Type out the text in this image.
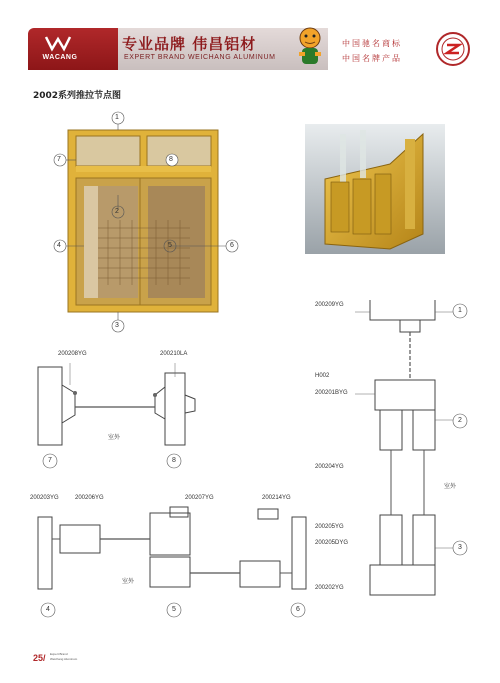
WACANG
专业品牌 伟昌铝材
EXPERT BRAND WEICHANG ALUMINUM
中国驰名商标
中国名牌产品
2002系列推拉节点图
1
7	8
2
4	5	6
3
200208YG	200210LA
室外
7	8
200203YG	200206YG	200207YG	200214YG
室外
4	5	6
200209YG
H002
200201BYG
200204YG
室外
200205YG
200205DYG
200202YG
1
2
3
25/ Expert Brand
Weichang Aluminum
